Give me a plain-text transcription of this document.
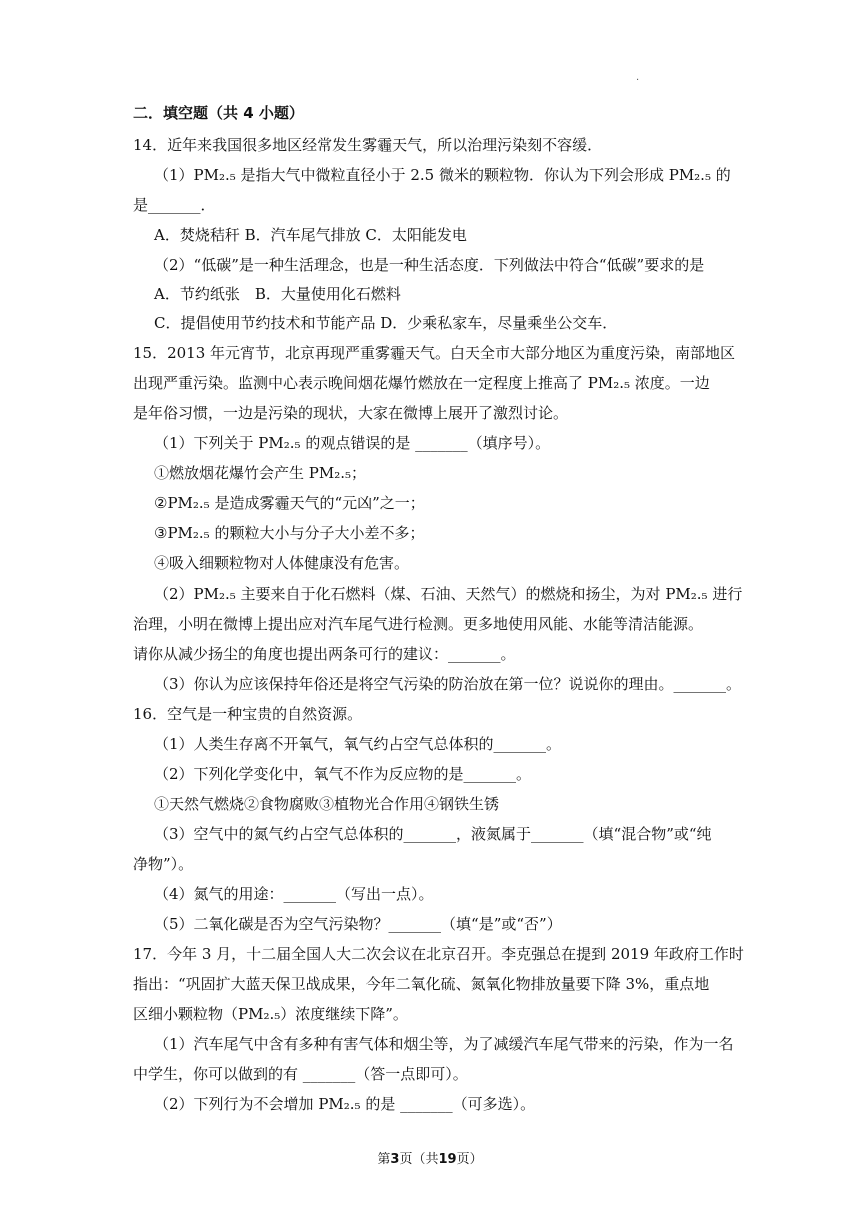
.
二．填空题（共 4 小题）
14．近年来我国很多地区经常发生雾霾天气，所以治理污染刻不容缓．
（1）PM₂.₅ 是指大气中微粒直径小于 2.5 微米的颗粒物．你认为下列会形成 PM₂.₅ 的
是_______．
A．焚烧秸秆 B．汽车尾气排放 C．太阳能发电
（2）“低碳”是一种生活理念，也是一种生活态度．下列做法中符合“低碳”要求的是
A．节约纸张　B．大量使用化石燃料
C．提倡使用节约技术和节能产品 D．少乘私家车，尽量乘坐公交车．
15．2013 年元宵节，北京再现严重雾霾天气。白天全市大部分地区为重度污染，南部地区
出现严重污染。监测中心表示晚间烟花爆竹燃放在一定程度上推高了 PM₂.₅ 浓度。一边
是年俗习惯，一边是污染的现状，大家在微博上展开了激烈讨论。
（1）下列关于 PM₂.₅ 的观点错误的是 _______（填序号）。
①燃放烟花爆竹会产生 PM₂.₅；
②PM₂.₅ 是造成雾霾天气的“元凶”之一；
③PM₂.₅ 的颗粒大小与分子大小差不多；
④吸入细颗粒物对人体健康没有危害。
（2）PM₂.₅ 主要来自于化石燃料（煤、石油、天然气）的燃烧和扬尘，为对 PM₂.₅ 进行
治理，小明在微博上提出应对汽车尾气进行检测。更多地使用风能、水能等清洁能源。
请你从减少扬尘的角度也提出两条可行的建议：_______。
（3）你认为应该保持年俗还是将空气污染的防治放在第一位？说说你的理由。_______。
16．空气是一种宝贵的自然资源。
（1）人类生存离不开氧气，氧气约占空气总体积的_______。
（2）下列化学变化中，氧气不作为反应物的是_______。
①天然气燃烧②食物腐败③植物光合作用④钢铁生锈
（3）空气中的氮气约占空气总体积的_______，液氮属于_______（填“混合物”或“纯
净物”）。
（4）氮气的用途：_______（写出一点）。
（5）二氧化碳是否为空气污染物？_______（填“是”或“否”）
17．今年 3 月，十二届全国人大二次会议在北京召开。李克强总在提到 2019 年政府工作时
指出：“巩固扩大蓝天保卫战成果，今年二氧化硫、氮氧化物排放量要下降 3%，重点地
区细小颗粒物（PM₂.₅）浓度继续下降”。
（1）汽车尾气中含有多种有害气体和烟尘等，为了减缓汽车尾气带来的污染，作为一名
中学生，你可以做到的有 _______（答一点即可）。
（2）下列行为不会增加 PM₂.₅ 的是 _______（可多选）。
第3页（共19页）
